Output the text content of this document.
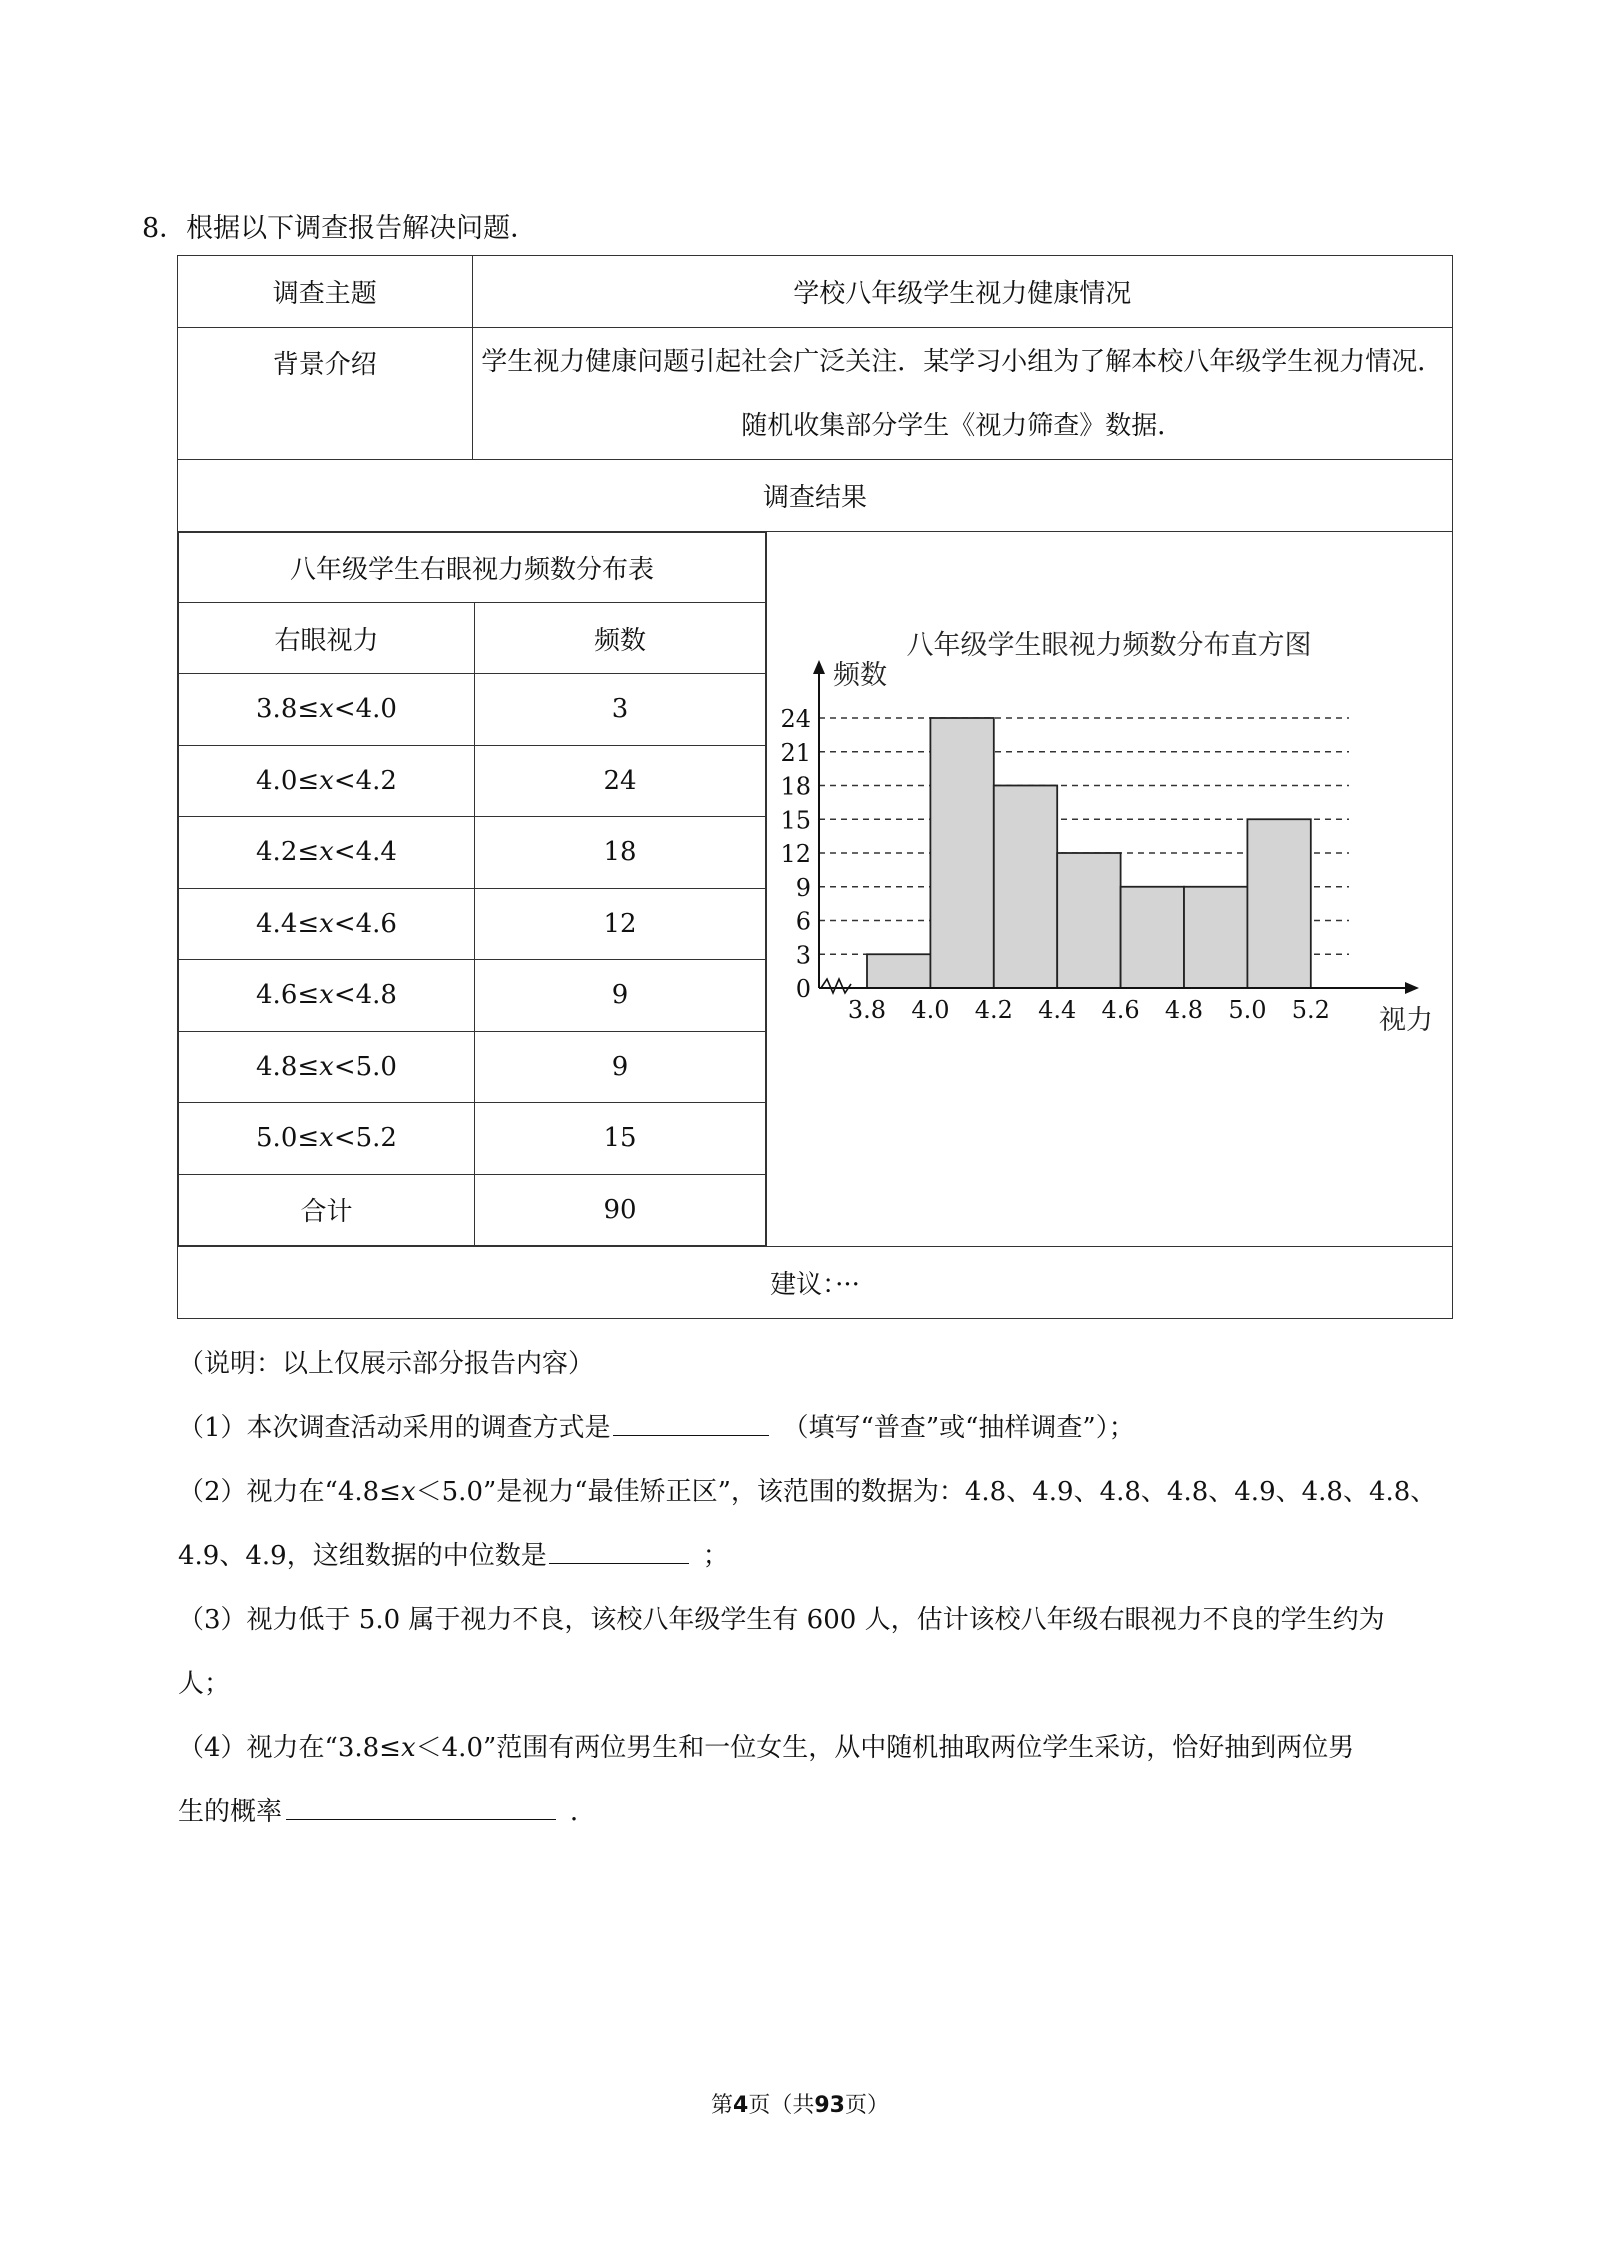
8．根据以下调查报告解决问题．
调查主题	学校八年级学生视力健康情况
背景介绍	学生视力健康问题引起社会广泛关注．某学习小组为了解本校八年级学生视力情况．随机收集部分学生《视力筛查》数据．
调查结果

八年级学生右眼视力频数分布表
右眼视力	频数
3.8≤x<4.0	3
4.0≤x<4.2	24
4.2≤x<4.4	18
4.4≤x<4.6	12
4.6≤x<4.8	9
4.8≤x<5.0	9
5.0≤x<5.2	15
合计	90

八年级学生眼视力频数分布直方图
0
3
6
9
12
15
18
21
24
3.8 4.0 4.2 4.4 4.6 4.8 5.0 5.2
频数
视力

建议：···

（说明：以上仅展示部分报告内容）

（1）本次调查活动采用的调查方式是	（填写“普查”或“抽样调查”）；

（2）视力在“4.8≤x＜5.0”是视力“最佳矫正区”，该范围的数据为：4.8、4.9、4.8、4.8、4.9、4.8、4.8、

4.9、4.9，这组数据的中位数是	；

（3）视力低于 5.0 属于视力不良，该校八年级学生有 600 人，估计该校八年级右眼视力不良的学生约为

人；

（4）视力在“3.8≤x＜4.0”范围有两位男生和一位女生，从中随机抽取两位学生采访，恰好抽到两位男

生的概率	．

第4页（共93页）
